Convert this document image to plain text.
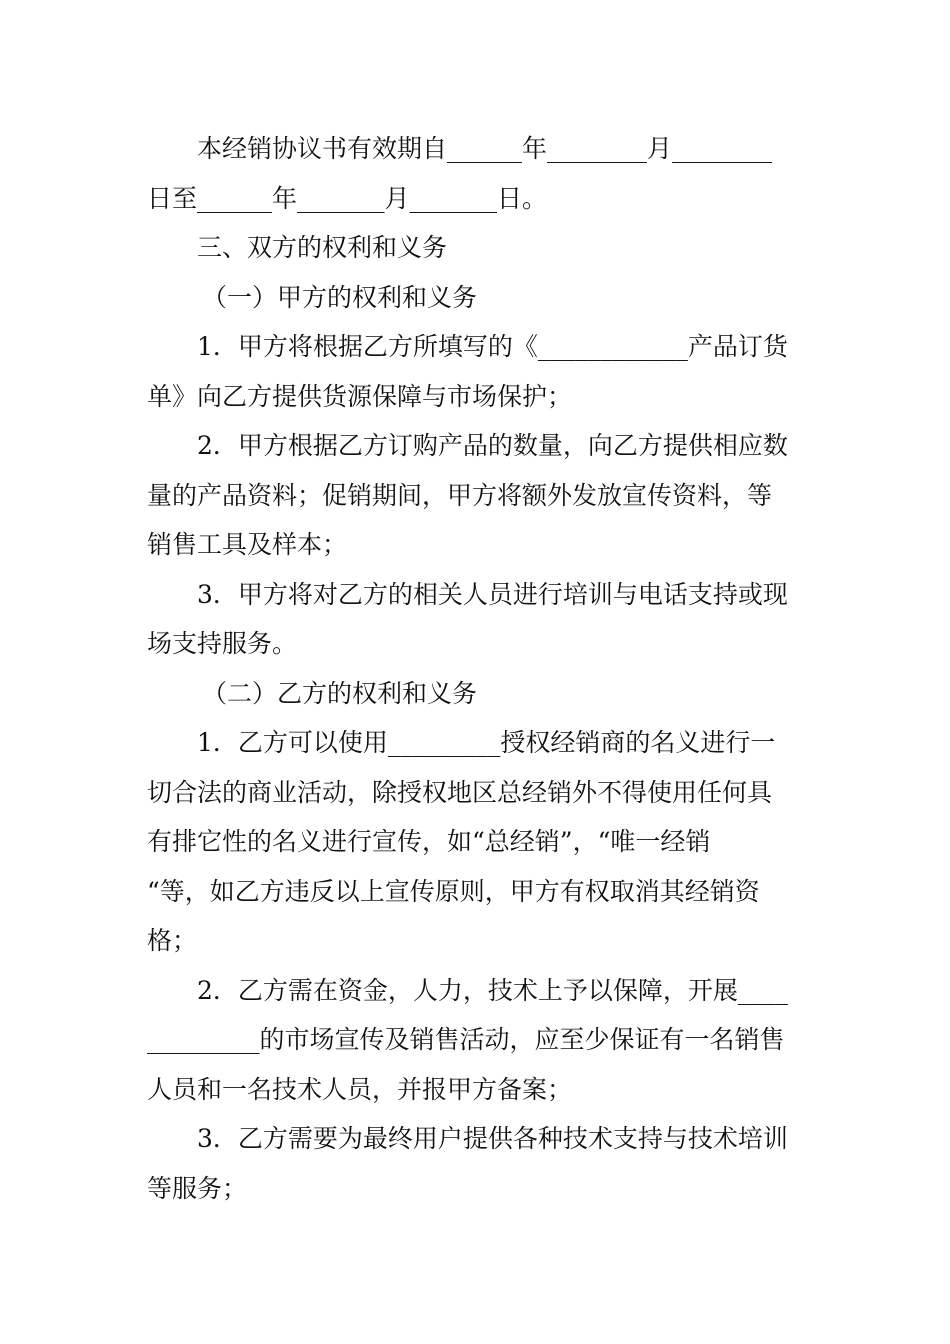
本经销协议书有效期自______年________月________
日至______年_______月_______日。
三、双方的权利和义务
（一）甲方的权利和义务
1．甲方将根据乙方所填写的《____________产品订货
单》向乙方提供货源保障与市场保护；
2．甲方根据乙方订购产品的数量，向乙方提供相应数
量的产品资料；促销期间，甲方将额外发放宣传资料，等
销售工具及样本；
3．甲方将对乙方的相关人员进行培训与电话支持或现
场支持服务。
（二）乙方的权利和义务
1．乙方可以使用_________授权经销商的名义进行一
切合法的商业活动，除授权地区总经销外不得使用任何具
有排它性的名义进行宣传，如“总经销”，“唯一经销
“等，如乙方违反以上宣传原则，甲方有权取消其经销资
格；
2．乙方需在资金，人力，技术上予以保障，开展____
_________的市场宣传及销售活动，应至少保证有一名销售
人员和一名技术人员，并报甲方备案；
3．乙方需要为最终用户提供各种技术支持与技术培训
等服务；
